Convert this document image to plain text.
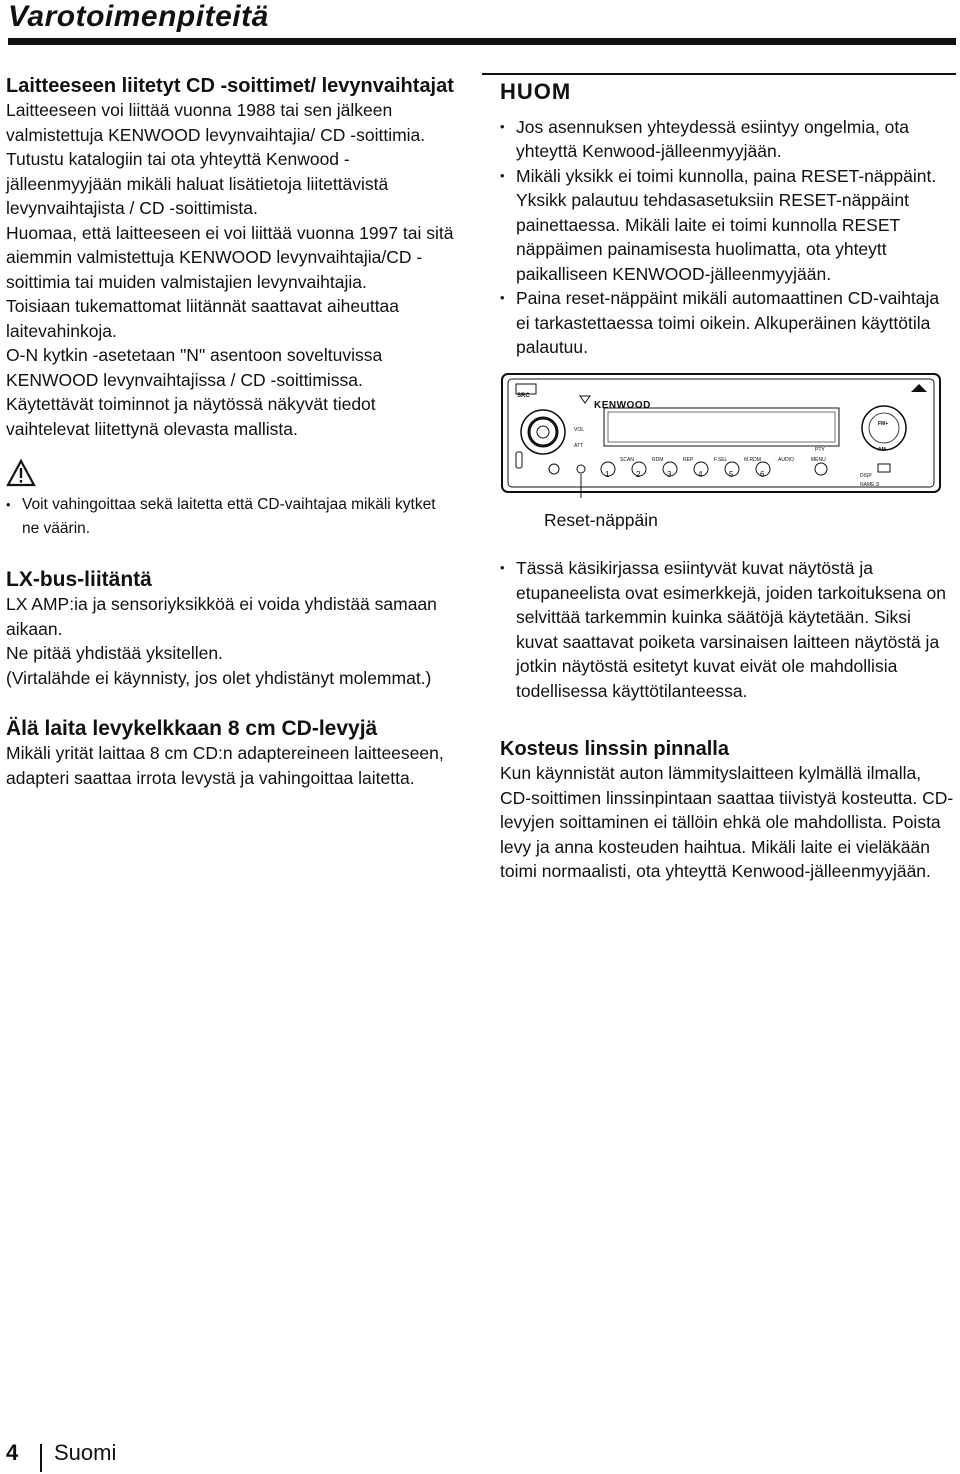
Varotoimenpiteitä
Laitteeseen liitetyt CD -soittimet/ levynvaihtajat

Laitteeseen voi liittää vuonna 1988 tai sen jälkeen valmistettuja KENWOOD levynvaihtajia/ CD -soittimia.

Tutustu katalogiin tai ota yhteyttä Kenwood -jälleenmyyjään mikäli haluat lisätietoja liitettävistä levynvaihtajista / CD -soittimista.

Huomaa, että laitteeseen ei voi liittää vuonna 1997 tai sitä aiemmin valmistettuja KENWOOD levynvaihtajia/CD -soittimia tai muiden valmistajien levynvaihtajia.

Toisiaan tukemattomat liitännät saattavat aiheuttaa laitevahinkoja.

O-N kytkin -asetetaan "N" asentoon soveltuvissa KENWOOD levynvaihtajissa / CD -soittimissa.

Käytettävät toiminnot ja näytössä näkyvät tiedot vaihtelevat liitettynä olevasta mallista.

• Voit vahingoittaa sekä laitetta että CD-vaihtajaa mikäli kytket ne väärin.
LX-bus-liitäntä

LX AMP:ia ja sensoriyksikköä ei voida yhdistää samaan aikaan.

Ne pitää yhdistää yksitellen.

(Virtalähde ei käynnisty, jos olet yhdistänyt molemmat.)

Älä laita levykelkkaan 8 cm CD-levyjä

Mikäli yrität laittaa 8 cm CD:n adaptereineen laitteeseen, adapteri saattaa irrota levystä ja vahingoittaa laitetta.

HUOM
• Jos asennuksen yhteydessä esiintyy ongelmia, ota yhteyttä Kenwood-jälleenmyyjään.
• Mikäli yksikk ei toimi kunnolla, paina RESET-näppäint. Yksikk palautuu tehdasasetuksiin RESET-näppäint painettaessa. Mikäli laite ei toimi kunnolla RESET näppäimen painamisesta huolimatta, ota yhteytt paikalliseen KENWOOD-jälleenmyyjään.
• Paina reset-näppäint mikäli automaattinen CD-vaihtaja ei tarkastettaessa toimi oikein. Alkuperäinen käyttötila palautuu.
SRC
KENWOOD
VOL
ATT
FM+
AM−
PTY
SCAN	RDM	REP	F.SEL	M.RDM	AUDIO	MENU
DISP
NAME.S
1	2	3	4	5	6
Reset-näppäin
• Tässä käsikirjassa esiintyvät kuvat näytöstä ja etupaneelista ovat esimerkkejä, joiden tarkoituksena on selvittää tarkemmin kuinka säätöjä käytetään. Siksi kuvat saattavat poiketa varsinaisen laitteen näytöstä ja jotkin näytöstä esitetyt kuvat eivät ole mahdollisia todellisessa käyttötilanteessa.
Kosteus linssin pinnalla

Kun käynnistät auton lämmityslaitteen kylmällä ilmalla, CD-soittimen linssinpintaan saattaa tiivistyä kosteutta. CD-levyjen soittaminen ei tällöin ehkä ole mahdollista. Poista levy ja anna kosteuden haihtua. Mikäli laite ei vieläkään toimi normaalisti, ota yhteyttä Kenwood-jälleenmyyjään.

4 Suomi
